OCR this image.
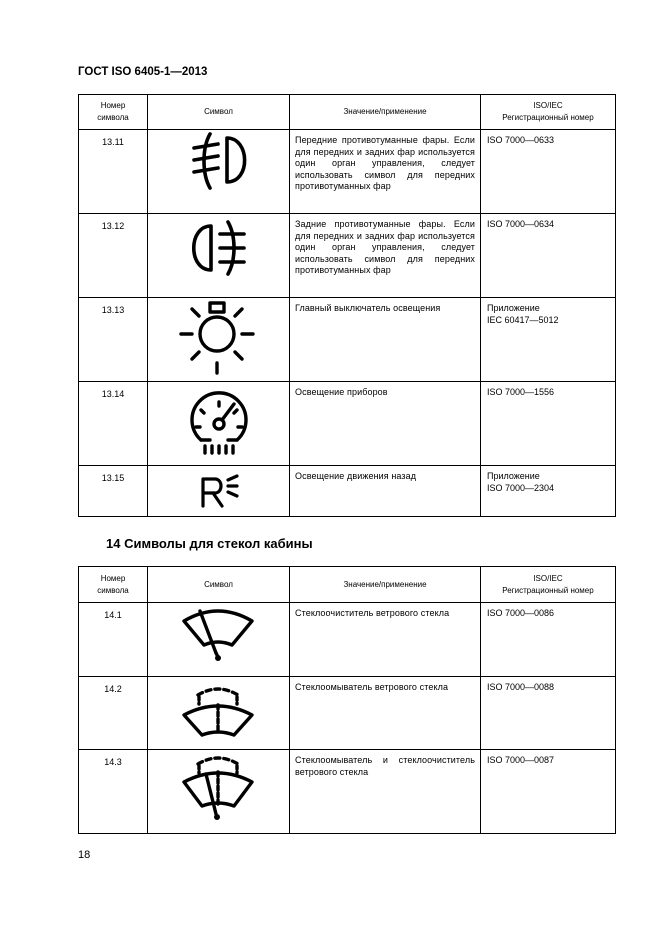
ГОСТ ISO 6405-1—2013
Номер
символа	Символ	Значение/применение	ISO/IEC
Регистрационный номер

13.11		Передние противотуманные фары. Если для передних и задних фар используется один орган управления, следует использовать символ для передних противотуманных фар	ISO 7000—0633

13.12		Задние противотуманные фары. Если для передних и задних фар используется один орган управления, следует использовать символ для передних противотуманных фар	ISO 7000—0634

13.13		Главный выключатель освещения	Приложение
IEC 60417—5012

13.14		Освещение приборов	ISO 7000—1556

13.15		Освещение движения назад	Приложение
ISO 7000—2304
14 Символы для стекол кабины
Номер
символа	Символ	Значение/применение	ISO/IEC
Регистрационный номер

14.1		Стеклоочиститель ветрового стекла	ISO 7000—0086

14.2		Стеклоомыватель ветрового стекла	ISO 7000—0088

14.3		Стеклоомыватель и стеклоочиститель ветрового стекла	ISO 7000—0087
18
